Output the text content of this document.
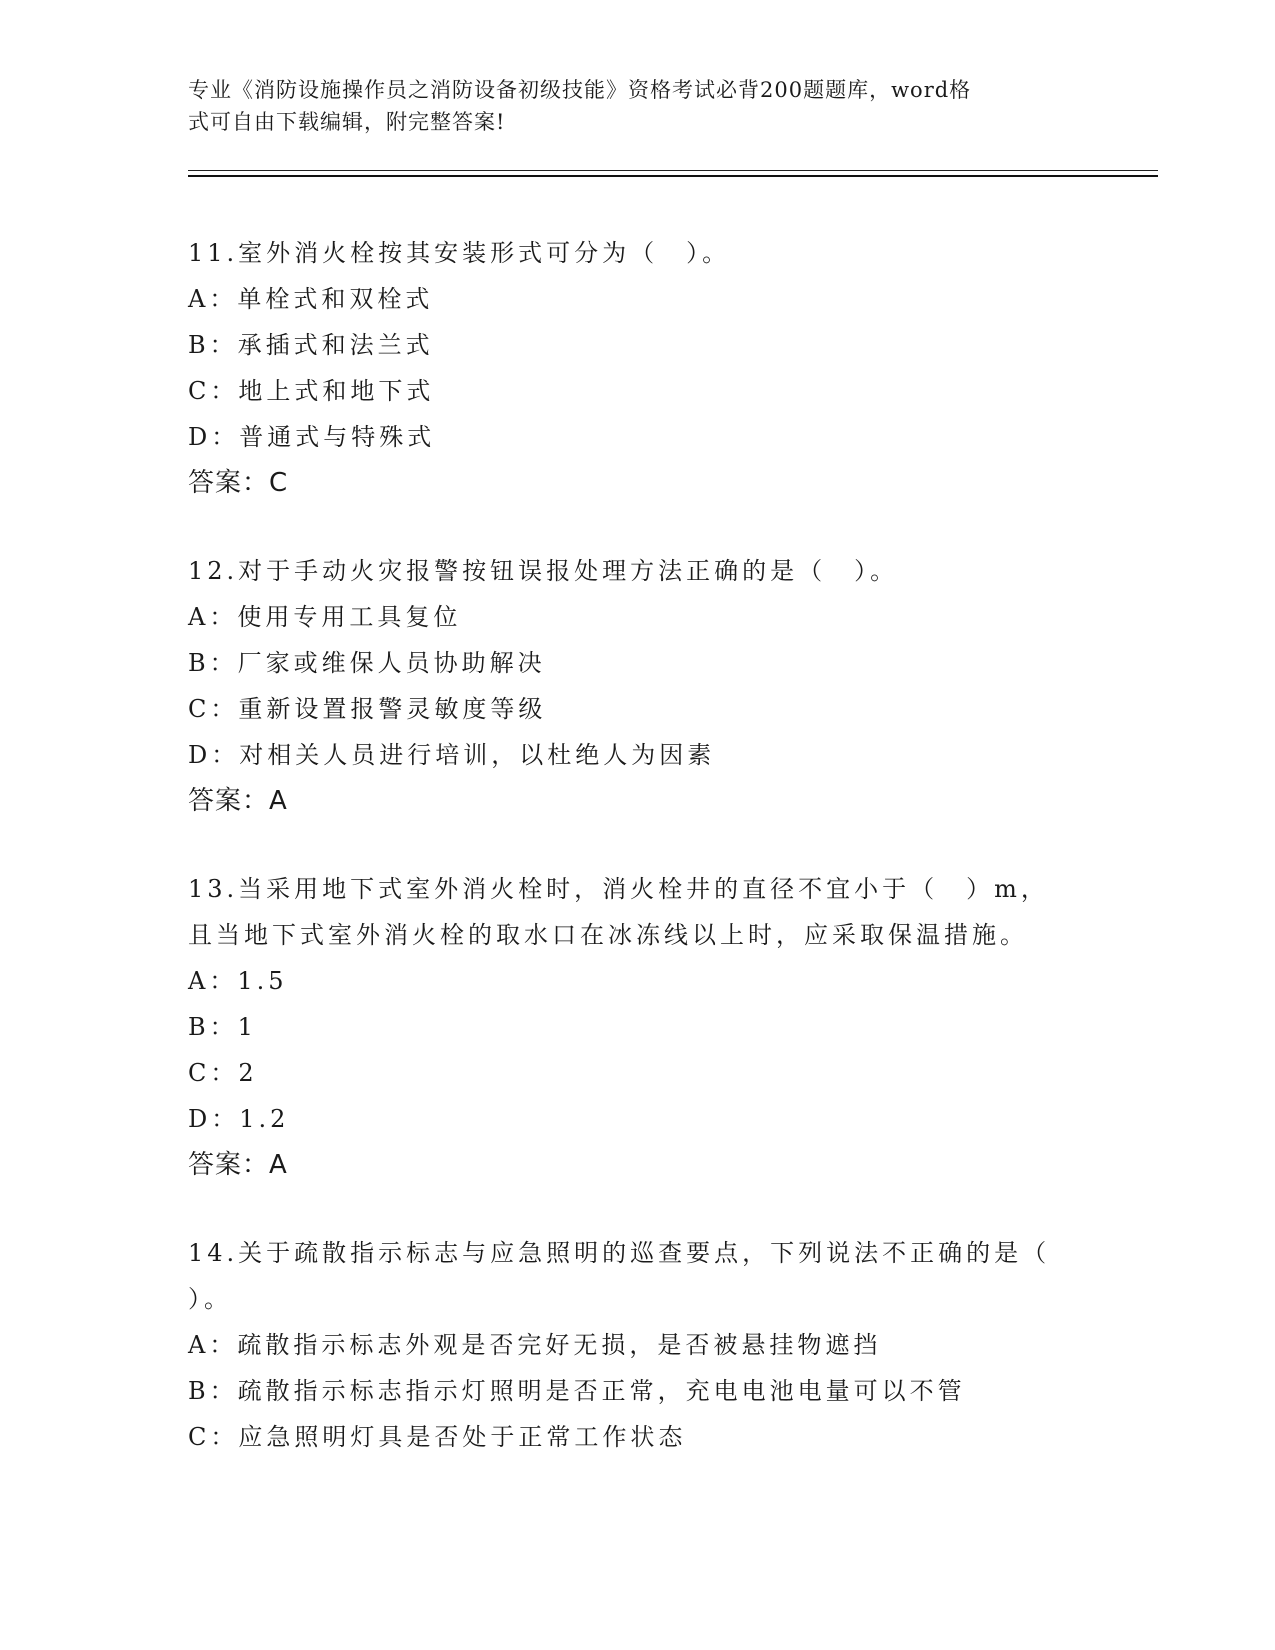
专业《消防设施操作员之消防设备初级技能》资格考试必背200题题库，word格
式可自由下载编辑，附完整答案!
11.室外消火栓按其安装形式可分为（　）。
A：单栓式和双栓式
B：承插式和法兰式
C：地上式和地下式
D：普通式与特殊式
答案：C
12.对于手动火灾报警按钮误报处理方法正确的是（　）。
A：使用专用工具复位
B：厂家或维保人员协助解决
C：重新设置报警灵敏度等级
D：对相关人员进行培训，以杜绝人为因素
答案：A
13.当采用地下式室外消火栓时，消火栓井的直径不宜小于（　）m，
且当地下式室外消火栓的取水口在冰冻线以上时，应采取保温措施。
A：1.5
B：1
C：2
D：1.2
答案：A
14.关于疏散指示标志与应急照明的巡查要点，下列说法不正确的是（
）。
A：疏散指示标志外观是否完好无损，是否被悬挂物遮挡
B：疏散指示标志指示灯照明是否正常，充电电池电量可以不管
C：应急照明灯具是否处于正常工作状态
